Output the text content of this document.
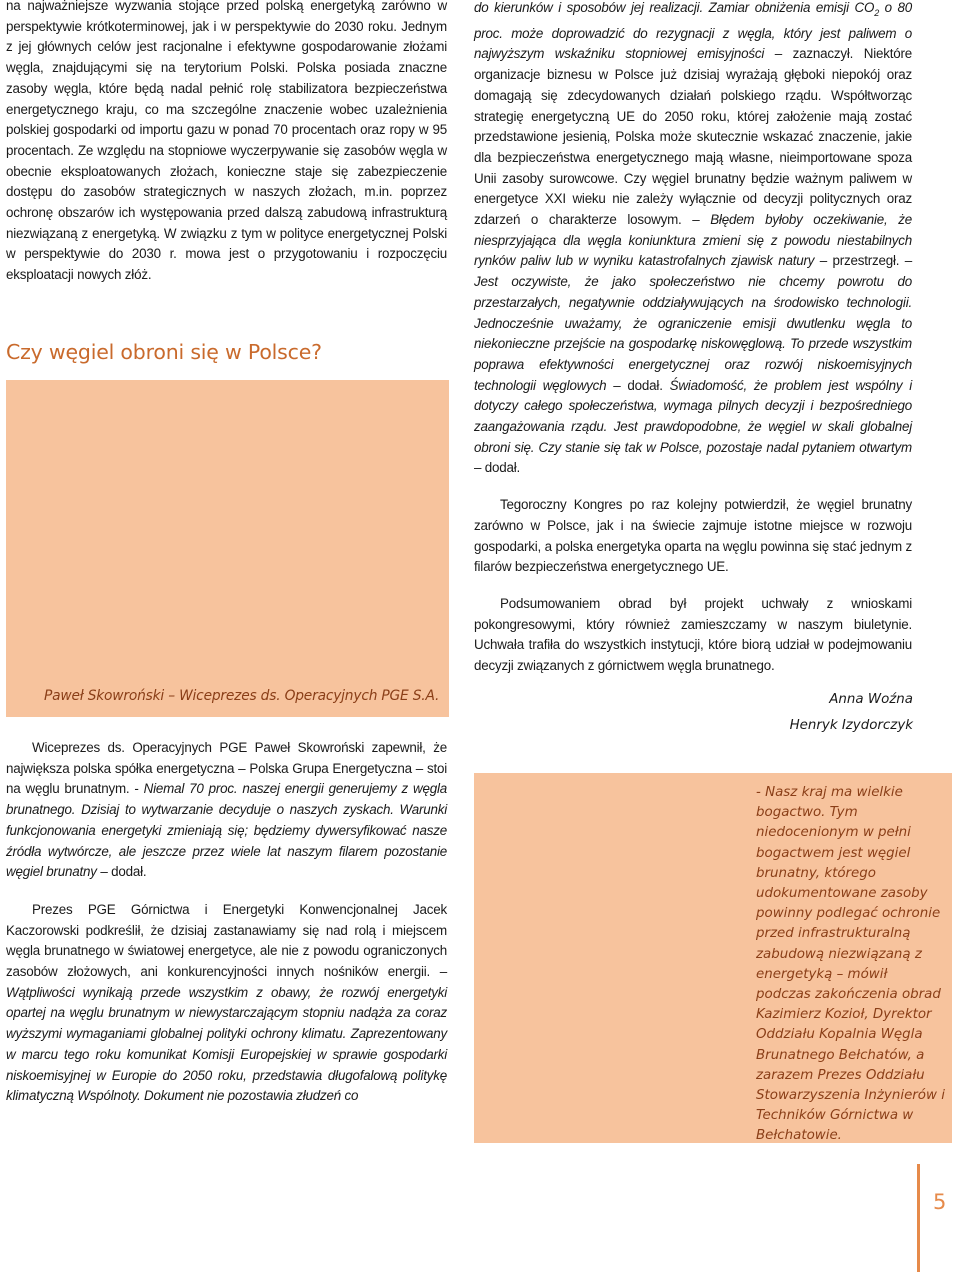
na najważniejsze wyzwania stojące przed polską energetyką zarówno w perspektywie krótkoterminowej, jak i w perspektywie do 2030 roku. Jednym z jej głównych celów jest racjonalne i efektywne gospodarowanie złożami węgla, znajdującymi się na terytorium Polski. Polska posiada znaczne zasoby węgla, które będą nadal pełnić rolę stabilizatora bezpieczeństwa energetycznego kraju, co ma szczególne znaczenie wobec uzależnienia polskiej gospodarki od importu gazu w ponad 70 procentach oraz ropy w 95 procentach. Ze względu na stopniowe wyczerpywanie się zasobów węgla w obecnie eksploatowanych złożach, konieczne staje się zabezpieczenie dostępu do zasobów strategicznych w naszych złożach, m.in. poprzez ochronę obszarów ich występowania przed dalszą zabudową infrastrukturą niezwiązaną z energetyką. W związku z tym w polityce energetycznej Polski w perspektywie do 2030 r. mowa jest o przygotowaniu i rozpoczęciu eksploatacji nowych złóż.

Czy węgiel obroni się w Polsce?
Paweł Skowroński – Wiceprezes ds. Operacyjnych PGE S.A.

Wiceprezes ds. Operacyjnych PGE Paweł Skowroński zapewnił, że największa polska spółka energetyczna – Polska Grupa Energetyczna – stoi na węglu brunatnym. - Niemal 70 proc. naszej energii generujemy z węgla brunatnego. Dzisiaj to wytwarzanie decyduje o naszych zyskach. Warunki funkcjonowania energetyki zmieniają się; będziemy dywersyfikować nasze źródła wytwórcze, ale jeszcze przez wiele lat naszym filarem pozostanie węgiel brunatny – dodał.

Prezes PGE Górnictwa i Energetyki Konwencjonalnej Jacek Kaczorowski podkreślił, że dzisiaj zastanawiamy się nad rolą i miejscem węgla brunatnego w światowej energetyce, ale nie z powodu ograniczonych zasobów złożowych, ani konkurencyjności innych nośników energii. – Wątpliwości wynikają przede wszystkim z obawy, że rozwój energetyki opartej na węglu brunatnym w niewystarczającym stopniu nadąża za coraz wyższymi wymaganiami globalnej polityki ochrony klimatu. Zaprezentowany w marcu tego roku komunikat Komisji Europejskiej w sprawie gospodarki niskoemisyjnej w Europie do 2050 roku, przedstawia długofalową politykę klimatyczną Wspólnoty. Dokument nie pozostawia złudzeń co

do kierunków i sposobów jej realizacji. Zamiar obniżenia emisji $CO_2$ o 80 proc. może doprowadzić do rezygnacji z węgla, który jest paliwem o najwyższym wskaźniku stopniowej emisyjności – zaznaczył. Niektóre organizacje biznesu w Polsce już dzisiaj wyrażają głęboki niepokój oraz domagają się zdecydowanych działań polskiego rządu. Współtworząc strategię energetyczną UE do 2050 roku, której założenie mają zostać przedstawione jesienią, Polska może skutecznie wskazać znaczenie, jakie dla bezpieczeństwa energetycznego mają własne, nieimportowane spoza Unii zasoby surowcowe. Czy węgiel brunatny będzie ważnym paliwem w energetyce XXI wieku nie zależy wyłącznie od decyzji politycznych oraz zdarzeń o charakterze losowym. – Błędem byłoby oczekiwanie, że niesprzyjająca dla węgla koniunktura zmieni się z powodu niestabilnych rynków paliw lub w wyniku katastrofalnych zjawisk natury – przestrzegł. – Jest oczywiste, że jako społeczeństwo nie chcemy powrotu do przestarzałych, negatywnie oddziaływujących na środowisko technologii. Jednocześnie uważamy, że ograniczenie emisji dwutlenku węgla to niekonieczne przejście na gospodarkę niskowęglową. To przede wszystkim poprawa efektywności energetycznej oraz rozwój niskoemisyjnych technologii węglowych – dodał. Świadomość, że problem jest wspólny i dotyczy całego społeczeństwa, wymaga pilnych decyzji i bezpośredniego zaangażowania rządu. Jest prawdopodobne, że węgiel w skali globalnej obroni się. Czy stanie się tak w Polsce, pozostaje nadal pytaniem otwartym – dodał.

Tegoroczny Kongres po raz kolejny potwierdził, że węgiel brunatny zarówno w Polsce, jak i na świecie zajmuje istotne miejsce w rozwoju gospodarki, a polska energetyka oparta na węglu powinna się stać jednym z filarów bezpieczeństwa energetycznego UE.

Podsumowaniem obrad był projekt uchwały z wnioskami pokongresowymi, który również zamieszczamy w naszym biuletynie. Uchwała trafiła do wszystkich instytucji, które biorą udział w podejmowaniu decyzji związanych z górnictwem węgla brunatnego.

Anna Woźna
Henryk Izydorczyk
- Nasz kraj ma wielkie bogactwo. Tym niedocenionym w pełni bogactwem jest węgiel brunatny, którego udokumentowane zasoby powinny podlegać ochronie przed infrastrukturalną zabudową niezwiązaną z energetyką – mówił podczas zakończenia obrad Kazimierz Kozioł, Dyrektor Oddziału Kopalnia Węgla Brunatnego Bełchatów, a zarazem Prezes Oddziału Stowarzyszenia Inżynierów i Techników Górnictwa w Bełchatowie.
5
